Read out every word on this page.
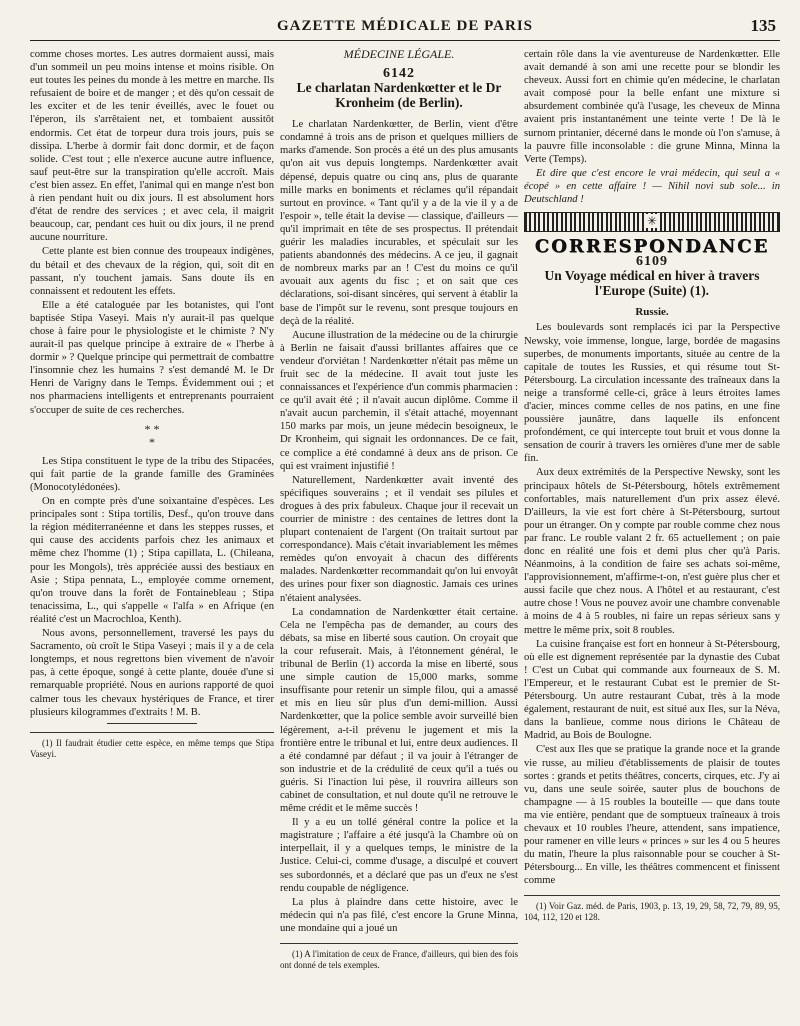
GAZETTE MÉDICALE DE PARIS	135

comme choses mortes. Les autres dormaient aussi, mais d'un sommeil un peu moins intense et moins risible. On eut toutes les peines du monde à les mettre en marche. Ils refusaient de boire et de manger ; et dès qu'on cessait de les exciter et de les tenir éveillés, avec le fouet ou l'éperon, ils s'arrêtaient net, et tombaient aussitôt endormis. Cet état de torpeur dura trois jours, puis se dissipa. L'herbe à dormir fait donc dormir, et de façon solide. C'est tout ; elle n'exerce aucune autre influence, sauf peut-être sur la transpiration qu'elle accroît. Mais c'est bien assez. En effet, l'animal qui en mange n'est bon à rien pendant huit ou dix jours. Il est absolument hors d'état de rendre des services ; et avec cela, il maigrit beaucoup, car, pendant ces huit ou dix jours, il ne prend aucune nourriture.

Cette plante est bien connue des troupeaux indigènes, du bétail et des chevaux de la région, qui, soit dit en passant, n'y touchent jamais. Sans doute ils en connaissent et redoutent les effets.

Elle a été cataloguée par les botanistes, qui l'ont baptisée Stipa Vaseyi. Mais n'y aurait-il pas quelque chose à faire pour le physiologiste et le chimiste ? N'y aurait-il pas quelque principe à extraire de « l'herbe à dormir » ? Quelque principe qui permettrait de combattre l'insomnie chez les humains ? s'est demandé M. le Dr Henri de Varigny dans le Temps. Évidemment oui ; et nos pharmaciens intelligents et entreprenants pourraient s'occuper de suite de ces recherches.

* *
*

Les Stipa constituent le type de la tribu des Stipacées, qui fait partie de la grande famille des Graminées (Monocotylédonées).

On en compte près d'une soixantaine d'espèces. Les principales sont : Stipa tortilis, Desf., qu'on trouve dans la région méditerranéenne et dans les steppes russes, et qui cause des accidents parfois chez les animaux et même chez l'homme (1) ; Stipa capillata, L. (Chileana, pour les Mongols), très appréciée aussi des bestiaux en Asie ; Stipa pennata, L., employée comme ornement, qu'on trouve dans la forêt de Fontainebleau ; Stipa tenacissima, L., qui s'appelle « l'alfa » en Afrique (en réalité c'est un Macrochloa, Kenth).

Nous avons, personnellement, traversé les pays du Sacramento, où croît le Stipa Vaseyi ; mais il y a de cela longtemps, et nous regrettons bien vivement de n'avoir pas, à cette époque, songé à cette plante, douée d'une si remarquable propriété. Nous en aurions rapporté de quoi calmer tous les chevaux hystériques de France, et tirer plusieurs kilogrammes d'extraits ! M. B.

(1) Il faudrait étudier cette espèce, en même temps que Stipa Vaseyi.

MÉDECINE LÉGALE.
6142
Le charlatan Nardenkœtter et le Dr Kronheim (de Berlin).

Le charlatan Nardenkœtter, de Berlin, vient d'être condamné à trois ans de prison et quelques milliers de marks d'amende. Son procès a été un des plus amusants qu'on ait vus depuis longtemps. Nardenkœtter avait dépensé, depuis quatre ou cinq ans, plus de quarante mille marks en boniments et réclames qu'il répandait surtout en province. « Tant qu'il y a de la vie il y a de l'espoir », telle était la devise — classique, d'ailleurs — qu'il imprimait en tête de ses prospectus. Il prétendait guérir les maladies incurables, et spéculait sur les patients abandonnés des médecins. A ce jeu, il gagnait de nombreux marks par an ! C'est du moins ce qu'il avouait aux agents du fisc ; et on sait que ces déclarations, soi-disant sincères, qui servent à établir la base de l'impôt sur le revenu, sont presque toujours en deçà de la réalité.

Aucune illustration de la médecine ou de la chirurgie à Berlin ne faisait d'aussi brillantes affaires que ce vendeur d'orviétan ! Nardenkœtter n'était pas même un fruit sec de la médecine. Il avait tout juste les connaissances et l'expérience d'un commis pharmacien : ce qu'il avait été ; il n'avait aucun diplôme. Comme il n'avait aucun parchemin, il s'était attaché, moyennant 150 marks par mois, un jeune médecin besoigneux, le Dr Kronheim, qui signait les ordonnances. De ce fait, ce complice a été condamné à deux ans de prison. Ce qui est vraiment injustifié !

Naturellement, Nardenkœtter avait inventé des spécifiques souverains ; et il vendait ses pilules et drogues à des prix fabuleux. Chaque jour il recevait un courrier de ministre : des centaines de lettres dont la plupart contenaient de l'argent (On traitait surtout par correspondance). Mais c'était invariablement les mêmes remèdes qu'on envoyait à chacun des différents malades. Nardenkœtter recommandait qu'on lui envoyât des urines pour fixer son diagnostic. Jamais ces urines n'étaient analysées.

La condamnation de Nardenkœtter était certaine. Cela ne l'empêcha pas de demander, au cours des débats, sa mise en liberté sous caution. On croyait que la cour refuserait. Mais, à l'étonnement général, le tribunal de Berlin (1) accorda la mise en liberté, sous une simple caution de 15,000 marks, somme insuffisante pour retenir un simple filou, qui a amassé et mis en lieu sûr plus d'un demi-million. Aussi Nardenkœtter, que la police semble avoir surveillé bien légèrement, a-t-il prévenu le jugement et mis la frontière entre le tribunal et lui, entre deux audiences. Il a été condamné par défaut ; il va jouir à l'étranger de son industrie et de la crédulité de ceux qu'il a tués ou guéris. Si l'inaction lui pèse, il rouvrira ailleurs son cabinet de consultation, et nul doute qu'il ne retrouve le même crédit et le même succès !

Il y a eu un tollé général contre la police et la magistrature ; l'affaire a été jusqu'à la Chambre où on interpellait, il y a quelques temps, le ministre de la Justice. Celui-ci, comme d'usage, a disculpé et couvert ses subordonnés, et a déclaré que pas un d'eux ne s'est rendu coupable de négligence.

La plus à plaindre dans cette histoire, avec le médecin qui n'a pas filé, c'est encore la Grune Minna, une mondaine qui a joué un

(1) A l'imitation de ceux de France, d'ailleurs, qui bien des fois ont donné de tels exemples.

certain rôle dans la vie aventureuse de Nardenkœtter. Elle avait demandé à son ami une recette pour se blondir les cheveux. Aussi fort en chimie qu'en médecine, le charlatan avait composé pour la belle enfant une mixture si absurdement combinée qu'à l'usage, les cheveux de Minna avaient pris instantanément une teinte verte ! De là le surnom printanier, décerné dans le monde où l'on s'amuse, à la pauvre fille inconsolable : die grune Minna, Minna la Verte (Temps).

Et dire que c'est encore le vrai médecin, qui seul a « écopé » en cette affaire ! — Nihil novi sub sole... in Deutschland !

✳
CORRESPONDANCE
6109
Un Voyage médical en hiver à travers l'Europe (Suite) (1).
Russie.

Les boulevards sont remplacés ici par la Perspective Newsky, voie immense, longue, large, bordée de magasins superbes, de monuments importants, située au centre de la capitale de toutes les Russies, et qui résume tout St-Pétersbourg. La circulation incessante des traîneaux dans la neige a transformé celle-ci, grâce à leurs étroites lames d'acier, minces comme celles de nos patins, en une fine poussière jaunâtre, dans laquelle ils enfoncent profondément, ce qui intercepte tout bruit et vous donne la sensation de courir à travers les ornières d'une mer de sable fin.

Aux deux extrémités de la Perspective Newsky, sont les principaux hôtels de St-Pétersbourg, hôtels extrêmement confortables, mais naturellement d'un prix assez élevé. D'ailleurs, la vie est fort chère à St-Pétersbourg, surtout pour un étranger. On y compte par rouble comme chez nous par franc. Le rouble valant 2 fr. 65 actuellement ; on paie donc en réalité une fois et demi plus cher qu'à Paris. Néanmoins, à la condition de faire ses achats soi-même, l'approvisionnement, m'affirme-t-on, n'est guère plus cher et aussi facile que chez nous. A l'hôtel et au restaurant, c'est autre chose ! Vous ne pouvez avoir une chambre convenable à moins de 4 à 5 roubles, ni faire un repas sérieux sans y mettre le même prix, soit 8 roubles.

La cuisine française est fort en honneur à St-Pétersbourg, où elle est dignement représentée par la dynastie des Cubat ! C'est un Cubat qui commande aux fourneaux de S. M. l'Empereur, et le restaurant Cubat est le premier de St-Pétersbourg. Un autre restaurant Cubat, très à la mode également, restaurant de nuit, est situé aux Iles, sur la Néva, dans la banlieue, comme nous dirions le Château de Madrid, au Bois de Boulogne.

C'est aux Iles que se pratique la grande noce et la grande vie russe, au milieu d'établissements de plaisir de toutes sortes : grands et petits théâtres, concerts, cirques, etc. J'y ai vu, dans une seule soirée, sauter plus de bouchons de champagne — à 15 roubles la bouteille — que dans toute ma vie entière, pendant que de somptueux traîneaux à trois chevaux et 10 roubles l'heure, attendent, sans impatience, pour ramener en ville leurs « princes » sur les 4 ou 5 heures du matin, l'heure la plus raisonnable pour se coucher à St-Pétersbourg... En ville, les théâtres commencent et finissent comme

(1) Voir Gaz. méd. de Paris, 1903, p. 13, 19, 29, 58, 72, 79, 89, 95, 104, 112, 120 et 128.
